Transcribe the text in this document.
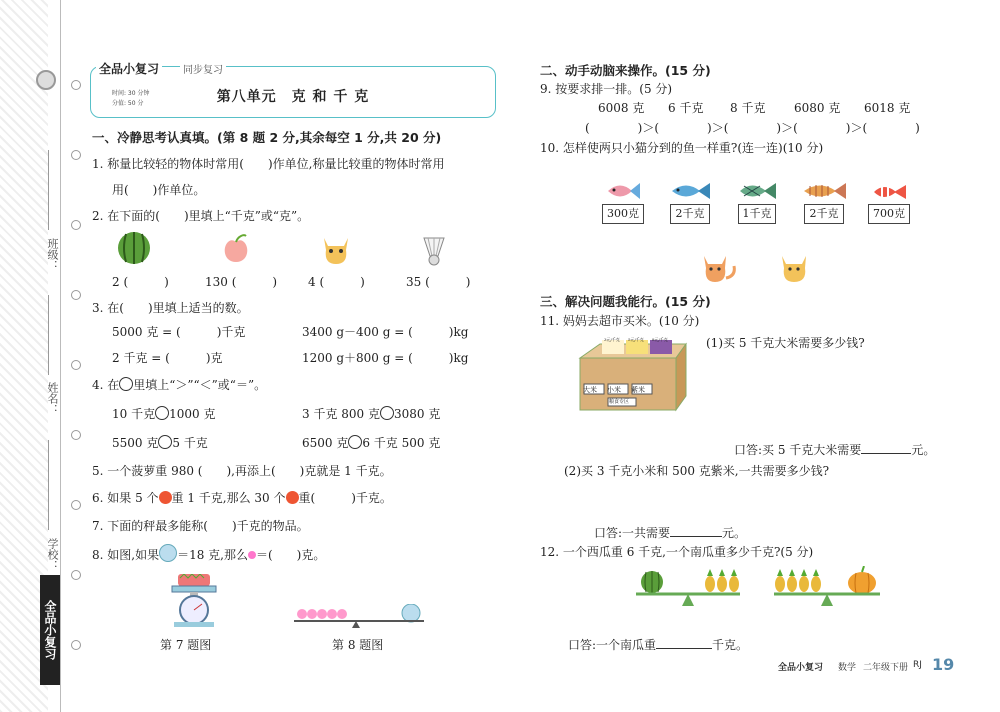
班级：
姓名：
学校：
全品小复习
全品小复习	同步复习
时间: 30 分钟
分值: 50 分	第八单元　克 和 千 克
一、冷静思考认真填。(第 8 题 2 分,其余每空 1 分,共 20 分)
1. 称量比较轻的物体时常用(　　)作单位,称量比较重的物体时常用
用(　　)作单位。
2. 在下面的(　　)里填上“千克”或“克”。
2 (　　　)	130 (　　　)	4 (　　　)	35 (　　　)
3. 在(　　)里填上适当的数。
5000 克 = (　　　)千克	3400 g－400 g = (　　　)kg
2 千克 = (　　　)克	1200 g＋800 g = (　　　)kg
4. 在 里填上“＞”“＜”或“＝”。
10 千克 1000 克	3 千克 800 克 3080 克
5500 克 5 千克	6500 克 6 千克 500 克
5. 一个菠萝重 980 (　　),再添上(　　)克就是 1 千克。
6. 如果 5 个 重 1 千克,那么 30 个 重(　　　)千克。
7. 下面的秤最多能称(　　)千克的物品。
8. 如图,如果 ＝18 克,那么 ＝(　　)克。
第 7 题图	第 8 题图
二、动手动脑来操作。(15 分)
9. 按要求排一排。(5 分)
6008 克 6 千克 8 千克 6080 克 6018 克
(　　　　)＞(　　　　)＞(　　　　)＞(　　　　)＞(　　　　)
10. 怎样使两只小猫分到的鱼一样重?(连一连)(10 分)
300克	2千克	1千克	2千克	700克
三、解决问题我能行。(15 分)
11. 妈妈去超市买米。(10 分)
大米 小米 紫米
3元/千克 5元/千克 8元/千克
粮食专区
(1)买 5 千克大米需要多少钱?
口答:买 5 千克大米需要	元。
(2)买 3 千克小米和 500 克紫米,一共需要多少钱?
口答:一共需要	元。
12. 一个西瓜重 6 千克,一个南瓜重多少千克?(5 分)
口答:一个南瓜重	千克。
全品小复习 数学 二年级下册 RJ 19
